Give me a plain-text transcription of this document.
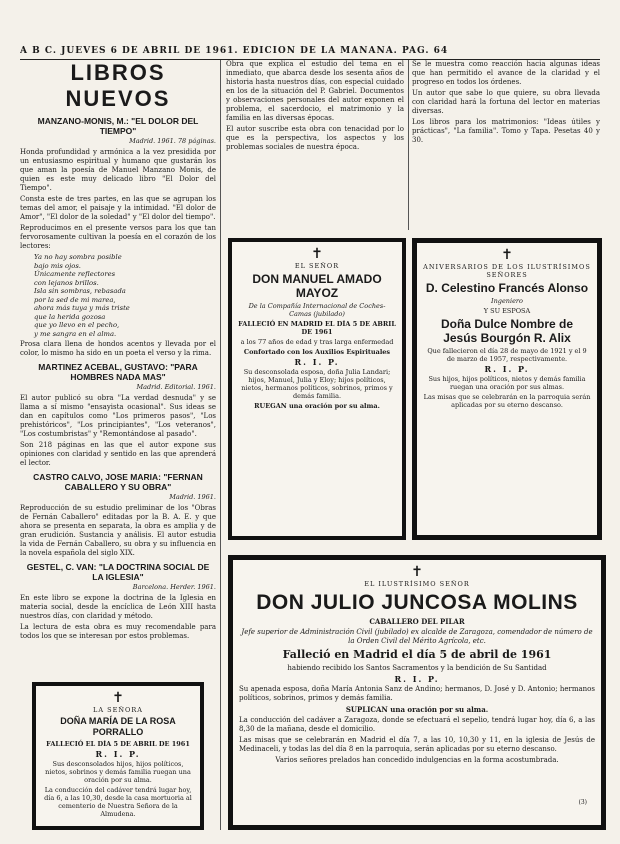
A B C. JUEVES 6 DE ABRIL DE 1961. EDICION DE LA MAÑANA. PAG. 64
LIBROS NUEVOS
MANZANO-MONIS, M.: "EL DOLOR DEL TIEMPO"
Madrid. 1961. 78 páginas.

Honda profundidad y armónica a la vez presidida por un entusiasmo espiritual y humano que gustarán los que aman la poesía de Manuel Manzano Monis, de quien es este muy delicado libro "El Dolor del Tiempo".

Consta este de tres partes, en las que se agrupan los temas del amor, el paisaje y la intimidad. "El dolor de Amor", "El dolor de la soledad" y "El dolor del tiempo".

Reproducimos en el presente versos para los que tan fervorosamente cultivan la poesía en el corazón de los lectores:

Ya no hay sombra posible
bajo mis ojos.
Únicamente reflectores
con lejanos brillos.
Isla sin sombras, rebasada
por la sed de mi marea,
ahora más tuya y más triste
que la herida gozosa
que yo llevo en el pecho,
y me sangra en el alma.

Prosa clara llena de hondos acentos y llevada por el color, lo mismo ha sido en un poeta el verso y la rima.

MARTINEZ ACEBAL, GUSTAVO: "PARA HOMBRES NADA MAS"
Madrid. Editorial. 1961.

El autor publicó su obra "La verdad desnuda" y se llama a sí mismo "ensayista ocasional". Sus ideas se dan en capítulos como "Los primeros pasos", "Los prehistóricos", "Los principiantes", "Los veteranos", "Los costumbristas" y "Remontándose al pasado".

Son 218 páginas en las que el autor expone sus opiniones con claridad y sentido en las que aprenderá el lector.

CASTRO CALVO, JOSE MARIA: "FERNAN CABALLERO Y SU OBRA"
Madrid. 1961.

Reproducción de su estudio preliminar de los "Obras de Fernán Caballero" editadas por la B. A. E. y que ahora se presenta en separata, la obra es amplia y de gran erudición. Sustancia y análisis. El autor estudia la vida de Fernán Caballero, su obra y su influencia en la novela española del siglo XIX.

GESTEL, C. VAN: "LA DOCTRINA SOCIAL DE LA IGLESIA"
Barcelona. Herder. 1961.

En este libro se expone la doctrina de la Iglesia en materia social, desde la encíclica de León XIII hasta nuestros días, con claridad y método.

La lectura de esta obra es muy recomendable para todos los que se interesan por estos problemas.

Obra que explica el estudio del tema en el inmediato, que abarca desde los sesenta años de historia hasta nuestros días, con especial cuidado en los de la situación del P. Gabriel. Documentos y observaciones personales del autor exponen el problema, el sacerdocio, el matrimonio y la familia en las diversas épocas.

El autor suscribe esta obra con tenacidad por lo que es la perspectiva, los aspectos y los problemas sociales de nuestra época.

Se le muestra como reacción hacia algunas ideas que han permitido el avance de la claridad y el progreso en todos los órdenes.

Un autor que sabe lo que quiere, su obra llevada con claridad hará la fortuna del lector en materias diversas.

Los libros para los matrimonios: "Ideas útiles y prácticas", "La familia". Tomo y Tapa. Pesetas 40 y 30.

✝
EL SEÑOR
DON MANUEL AMADO MAYOZ

De la Compañía Internacional de Coches-Camas (jubilado)

FALLECIÓ EN MADRID EL DÍA 5 DE ABRIL DE 1961

a los 77 años de edad y tras larga enfermedad

Confortado con los Auxilios Espirituales

R. I. P.

Su desconsolada esposa, doña Julia Landari; hijos, Manuel, Julia y Eloy; hijos políticos, nietos, hermanos políticos, sobrinos, primos y demás familia.

RUEGAN una oración por su alma.

✝
ANIVERSARIOS DE LOS ILUSTRÍSIMOS SEÑORES
D. Celestino Francés Alonso

Ingeniero

Y SU ESPOSA

Doña Dulce Nombre de Jesús Bourgón R. Alix

Que fallecieron el día 28 de mayo de 1921 y el 9 de marzo de 1957, respectivamente.

R. I. P.

Sus hijos, hijos políticos, nietos y demás familia ruegan una oración por sus almas.

Las misas que se celebrarán en la parroquia serán aplicadas por su eterno descanso.

✝
EL ILUSTRÍSIMO SEÑOR
DON JULIO JUNCOSA MOLINS

CABALLERO DEL PILAR

Jefe superior de Administración Civil (jubilado) ex alcalde de Zaragoza, comendador de número de la Orden Civil del Mérito Agrícola, etc.

Falleció en Madrid el día 5 de abril de 1961

habiendo recibido los Santos Sacramentos y la bendición de Su Santidad

R. I. P.

Su apenada esposa, doña María Antonia Sanz de Andino; hermanos, D. José y D. Antonio; hermanos políticos, sobrinos, primos y demás familia.

SUPLICAN una oración por su alma.

La conducción del cadáver a Zaragoza, donde se efectuará el sepelio, tendrá lugar hoy, día 6, a las 8,30 de la mañana, desde el domicilio.

Las misas que se celebrarán en Madrid el día 7, a las 10, 10,30 y 11, en la iglesia de Jesús de Medinaceli, y todas las del día 8 en la parroquia, serán aplicadas por su eterno descanso.

Varios señores prelados han concedido indulgencias en la forma acostumbrada.

(3)
✝
LA SEÑORA
DOÑA MARÍA DE LA ROSA PORRALLO

FALLECIÓ EL DÍA 5 DE ABRIL DE 1961

R. I. P.

Sus desconsolados hijos, hijos políticos, nietos, sobrinos y demás familia ruegan una oración por su alma.

La conducción del cadáver tendrá lugar hoy, día 6, a las 10,30, desde la casa mortuoria al cementerio de Nuestra Señora de la Almudena.
